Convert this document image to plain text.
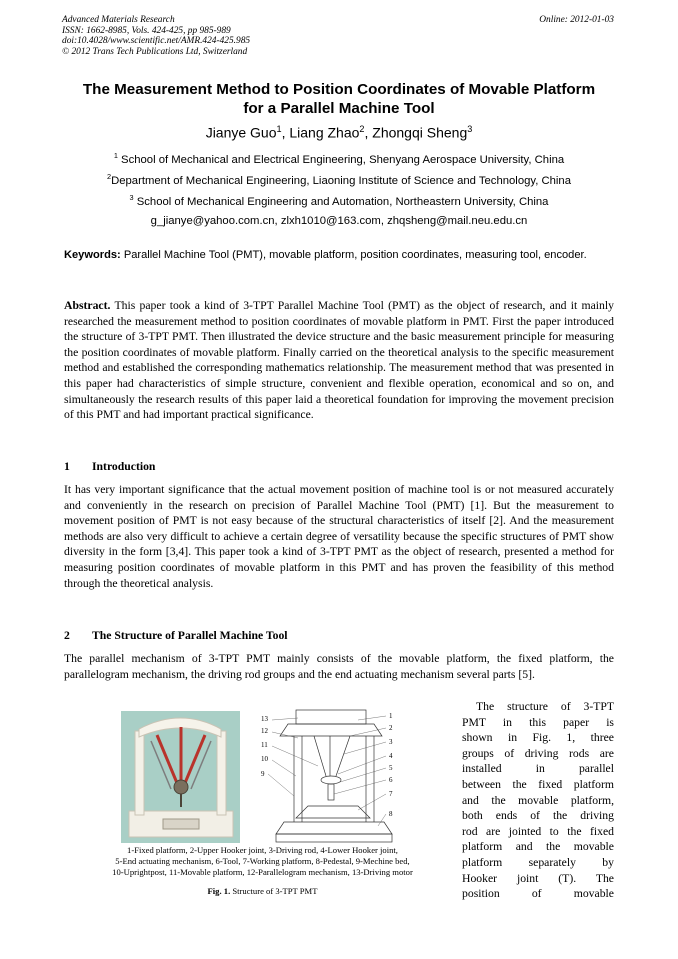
Advanced Materials Research
ISSN: 1662-8985, Vols. 424-425, pp 985-989
doi:10.4028/www.scientific.net/AMR.424-425.985
© 2012 Trans Tech Publications Ltd, Switzerland
Online: 2012-01-03
The Measurement Method to Position Coordinates of Movable Platform
for a Parallel Machine Tool
Jianye Guo$^1$, Liang Zhao$^2$, Zhongqi Sheng$^3$
$^1$ School of Mechanical and Electrical Engineering, Shenyang Aerospace University, China
$^2$Department of Mechanical Engineering, Liaoning Institute of Science and Technology, China
$^3$ School of Mechanical Engineering and Automation, Northeastern University, China
g_jianye@yahoo.com.cn, zlxh1010@163.com, zhqsheng@mail.neu.edu.cn
Keywords: Parallel Machine Tool (PMT), movable platform, position coordinates, measuring tool, encoder.
Abstract. This paper took a kind of 3-TPT Parallel Machine Tool (PMT) as the object of research, and it mainly researched the measurement method to position coordinates of movable platform in PMT. First the paper introduced the structure of 3-TPT PMT. Then illustrated the device structure and the basic measurement principle for measuring the position coordinates of movable platform. Finally carried on the theoretical analysis to the specific measurement method and established the corresponding mathematics relationship. The measurement method that was presented in this paper had characteristics of simple structure, convenient and flexible operation, economical and so on, and simultaneously the research results of this paper laid a theoretical foundation for improving the movement precision of this PMT and had important practical significance.
1 Introduction
It has very important significance that the actual movement position of machine tool is or not measured accurately and conveniently in the research on precision of Parallel Machine Tool (PMT) [1]. But the measurement to movement position of PMT is not easy because of the structural characteristics of itself [2]. And the measurement methods are also very difficult to achieve a certain degree of versatility because the specific structures of PMT show diversity in the form [3,4]. This paper took a kind of 3-TPT PMT as the object of research, presented a method for measuring position coordinates of movable platform in this PMT and has proven the feasibility of this method through the theoretical analysis.
2 The Structure of Parallel Machine Tool
The parallel mechanism of 3-TPT PMT mainly consists of the movable platform, the fixed platform, the parallelogram mechanism, the driving rod groups and the end actuating mechanism several parts [5].
13
12
11
10
9
1
2
3
4
5
6
7
8
1-Fixed platform, 2-Upper Hooker joint, 3-Driving rod, 4-Lower Hooker joint,
5-End actuating mechanism, 6-Tool, 7-Working platform, 8-Pedestal, 9-Mechine bed,
10-Uprightpost, 11-Movable platform, 12-Parallelogram mechanism, 13-Driving motor
Fig. 1. Structure of 3-TPT PMT
The structure of 3-TPT
PMT in this paper is
shown in Fig. 1, three
groups of driving rods are
installed in parallel
between the fixed platform
and the movable platform,
both ends of the driving
rod are jointed to the fixed
platform and the movable
platform separately by
Hooker joint (T). The
position of movable
